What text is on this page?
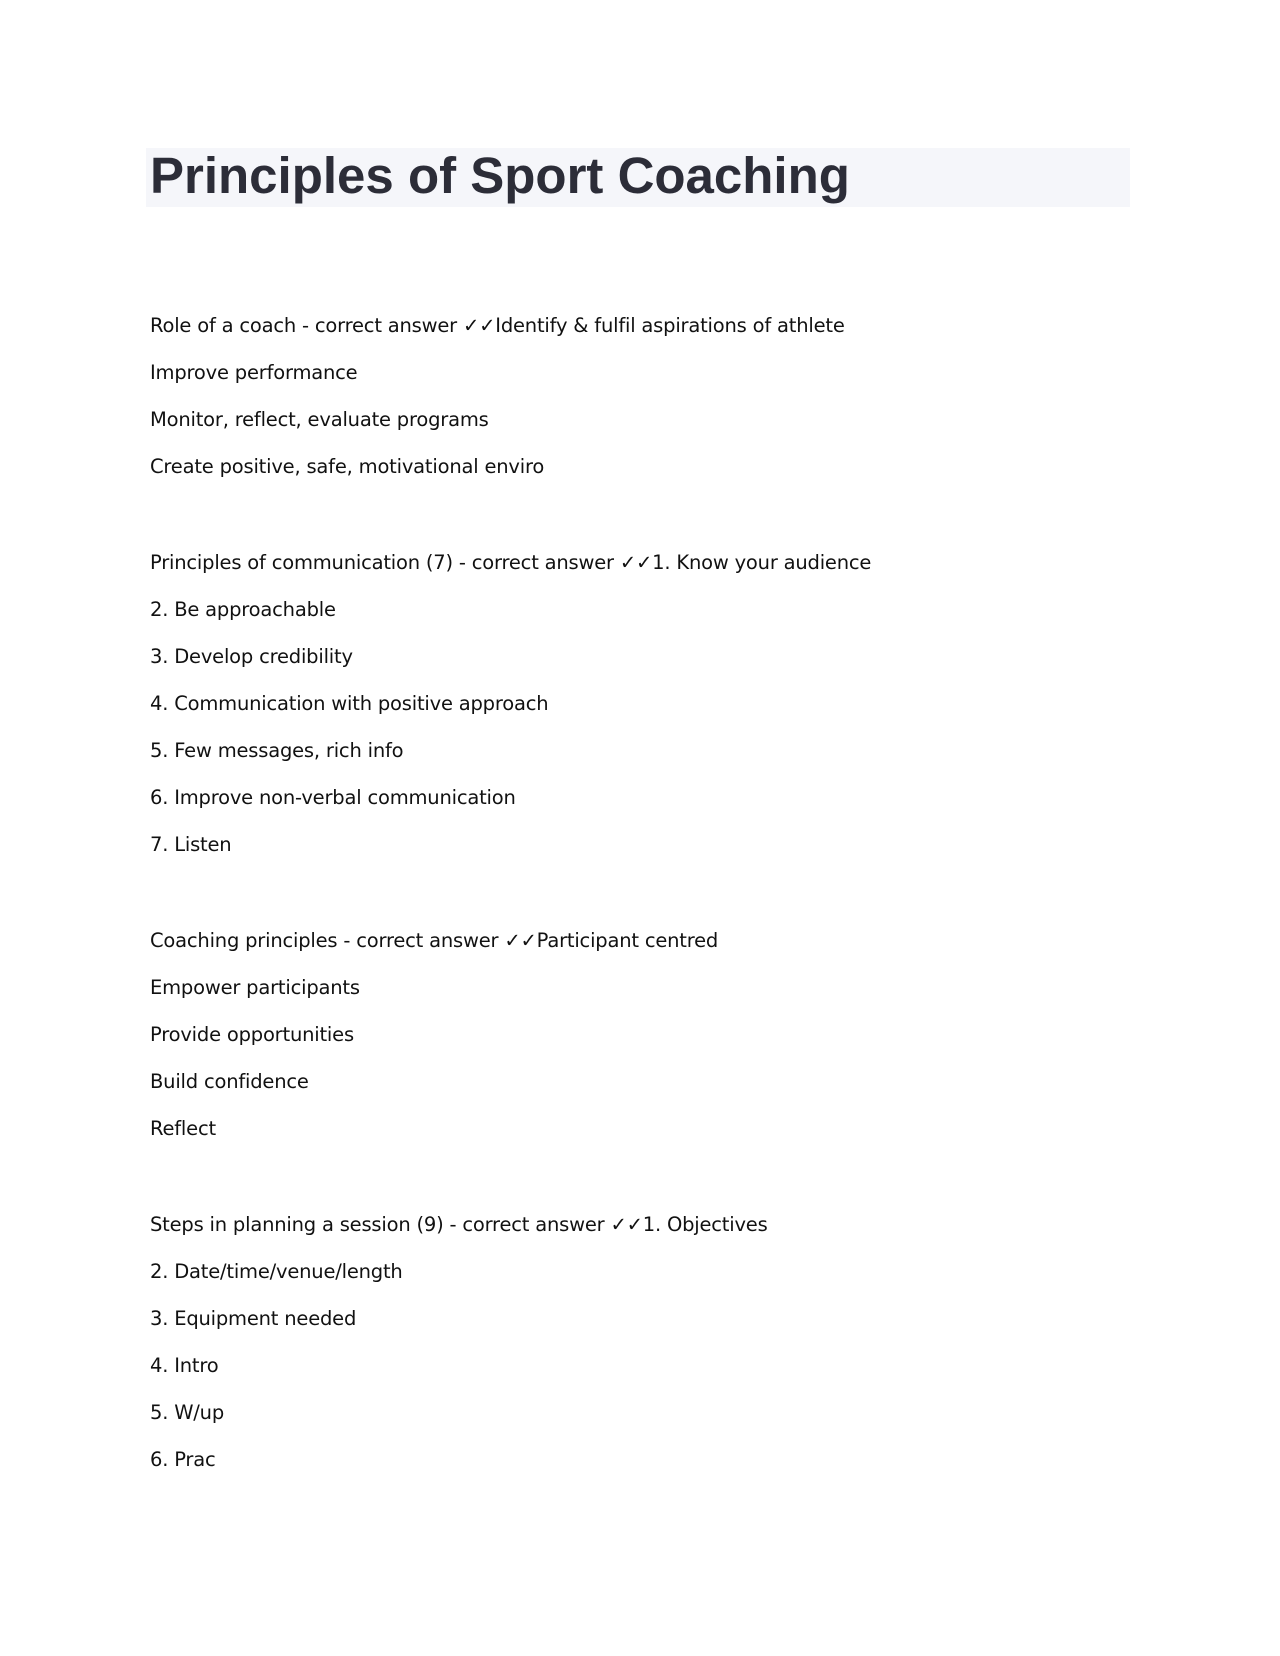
Principles of Sport Coaching
Role of a coach - correct answer ✓✓Identify & fulfil aspirations of athlete
Improve performance
Monitor, reflect, evaluate programs
Create positive, safe, motivational enviro
Principles of communication (7) - correct answer ✓✓1. Know your audience
2. Be approachable
3. Develop credibility
4. Communication with positive approach
5. Few messages, rich info
6. Improve non-verbal communication
7. Listen
Coaching principles - correct answer ✓✓Participant centred
Empower participants
Provide opportunities
Build confidence
Reflect
Steps in planning a session (9) - correct answer ✓✓1. Objectives
2. Date/time/venue/length
3. Equipment needed
4. Intro
5. W/up
6. Prac
